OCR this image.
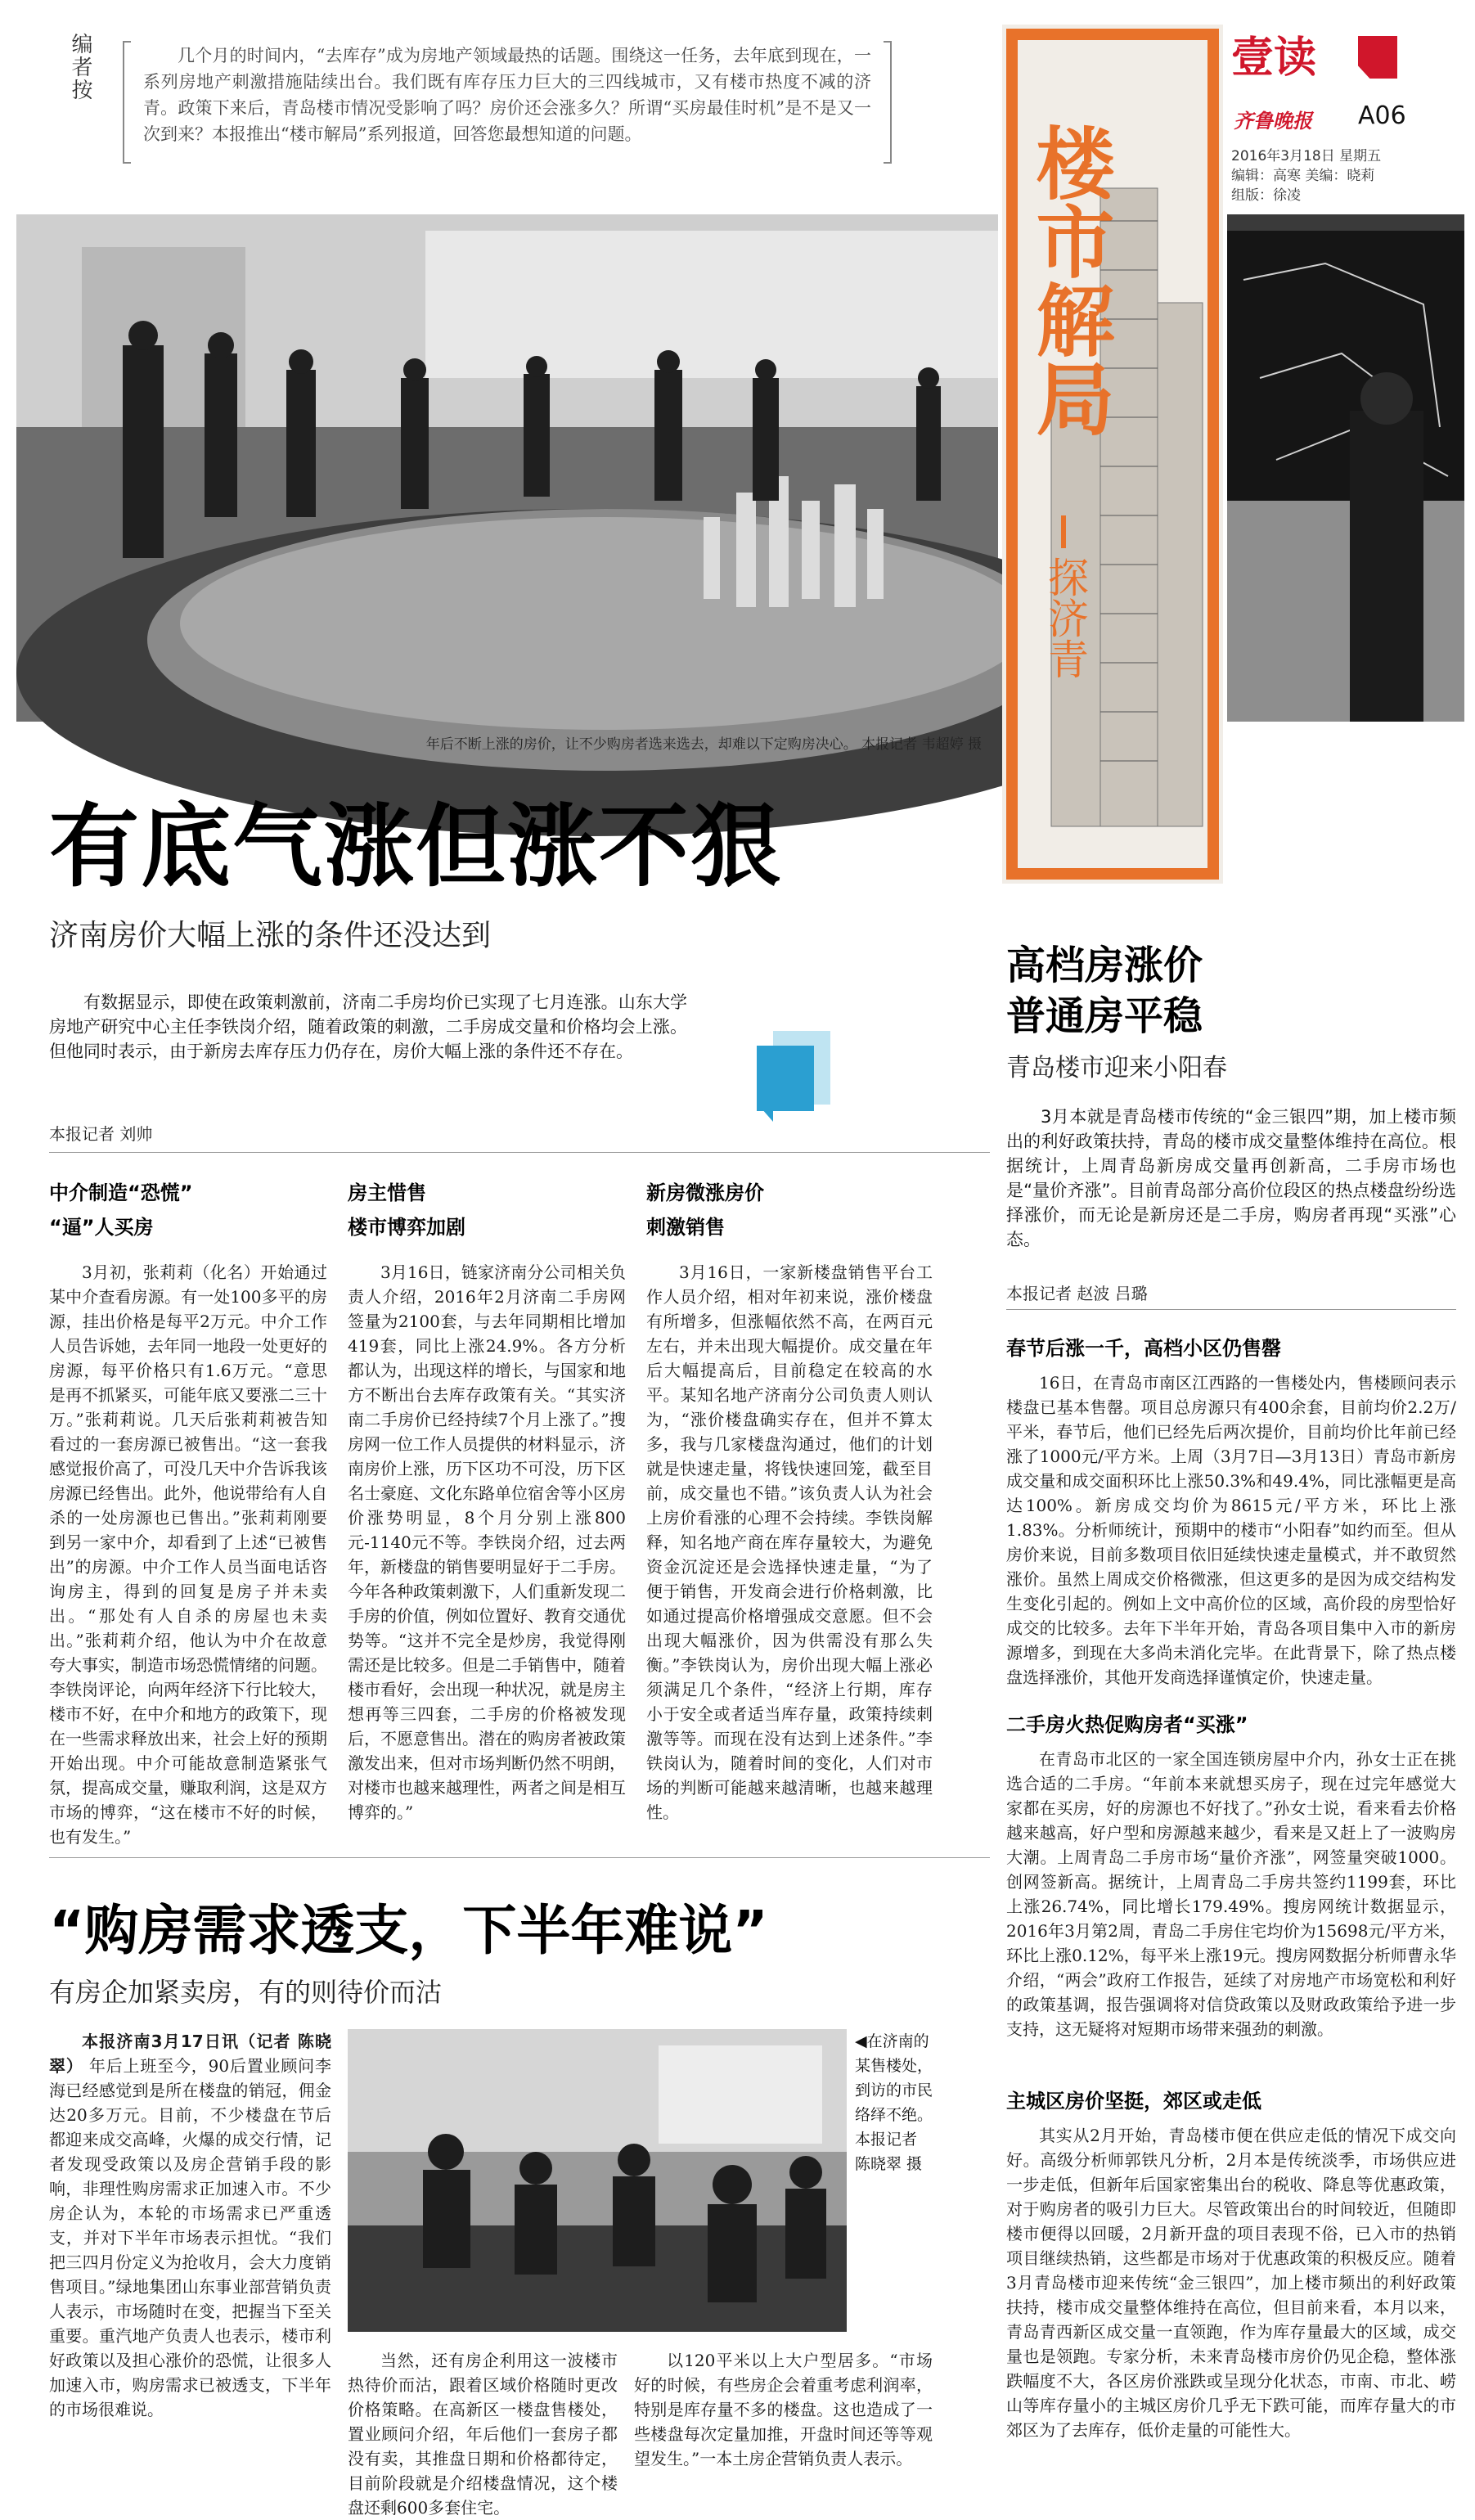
编者按	几个月的时间内，“去库存”成为房地产领域最热的话题。围绕这一任务，去年底到现在，一系列房地产刺激措施陆续出台。我们既有库存压力巨大的三四线城市，又有楼市热度不减的济青。政策下来后，青岛楼市情况受影响了吗？房价还会涨多久？所谓“买房最佳时机”是不是又一次到来？本报推出“楼市解局”系列报道，回答您最想知道的问题。
年后不断上涨的房价，让不少购房者选来选去，却难以下定购房决心。 本报记者 韦超婷 摄
壹读
齐鲁晚报 A06
2016年3月18日 星期五
编辑：高寒 美编：晓莉
组版：徐凌
楼市解局
探济青
有底气涨但涨不狠
济南房价大幅上涨的条件还没达到
有数据显示，即使在政策刺激前，济南二手房均价已实现了七月连涨。山东大学房地产研究中心主任李铁岗介绍，随着政策的刺激，二手房成交量和价格均会上涨。但他同时表示，由于新房去库存压力仍存在，房价大幅上涨的条件还不存在。
本报记者 刘帅
中介制造“恐慌”
“逼”人买房
3月初，张莉莉（化名）开始通过某中介查看房源。有一处100多平的房源，挂出价格是每平2万元。中介工作人员告诉她，去年同一地段一处更好的房源，每平价格只有1.6万元。“意思是再不抓紧买，可能年底又要涨二三十万。”张莉莉说。几天后张莉莉被告知看过的一套房源已被售出。“这一套我感觉报价高了，可没几天中介告诉我该房源已经售出。此外，他说带给有人自杀的一处房源也已售出。”张莉莉刚要到另一家中介，却看到了上述“已被售出”的房源。中介工作人员当面电话咨询房主，得到的回复是房子并未卖出。“那处有人自杀的房屋也未卖出。”张莉莉介绍，他认为中介在故意夸大事实，制造市场恐慌情绪的问题。李铁岗评论，向两年经济下行比较大，楼市不好，在中介和地方的政策下，现在一些需求释放出来，社会上好的预期开始出现。中介可能故意制造紧张气氛，提高成交量，赚取利润，这是双方市场的博弈，“这在楼市不好的时候，也有发生。”
房主惜售
楼市博弈加剧
3月16日，链家济南分公司相关负责人介绍，2016年2月济南二手房网签量为2100套，与去年同期相比增加419套，同比上涨24.9%。各方分析都认为，出现这样的增长，与国家和地方不断出台去库存政策有关。“其实济南二手房价已经持续7个月上涨了。”搜房网一位工作人员提供的材料显示，济南房价上涨，历下区功不可没，历下区名士豪庭、文化东路单位宿舍等小区房价涨势明显，8个月分别上涨800元-1140元不等。李铁岗介绍，过去两年，新楼盘的销售要明显好于二手房。今年各种政策刺激下，人们重新发现二手房的价值，例如位置好、教育交通优势等。“这并不完全是炒房，我觉得刚需还是比较多。但是二手销售中，随着楼市看好，会出现一种状况，就是房主想再等三四套，二手房的价格被发现后，不愿意售出。潜在的购房者被政策激发出来，但对市场判断仍然不明朗，对楼市也越来越理性，两者之间是相互博弈的。”
新房微涨房价
刺激销售
3月16日，一家新楼盘销售平台工作人员介绍，相对年初来说，涨价楼盘有所增多，但涨幅依然不高，在两百元左右，并未出现大幅提价。成交量在年后大幅提高后，目前稳定在较高的水平。某知名地产济南分公司负责人则认为，“涨价楼盘确实存在，但并不算太多，我与几家楼盘沟通过，他们的计划就是快速走量，将钱快速回笼，截至目前，成交量也不错。”该负责人认为社会上房价看涨的心理不会持续。李铁岗解释，知名地产商在库存量较大，为避免资金沉淀还是会选择快速走量，“为了便于销售，开发商会进行价格刺激，比如通过提高价格增强成交意愿。但不会出现大幅涨价，因为供需没有那么失衡。”李铁岗认为，房价出现大幅上涨必须满足几个条件，“经济上行期，库存小于安全或者适当库存量，政策持续刺激等等。而现在没有达到上述条件。”李铁岗认为，随着时间的变化，人们对市场的判断可能越来越清晰，也越来越理性。
“购房需求透支，下半年难说”
有房企加紧卖房，有的则待价而沽
本报济南3月17日讯（记者 陈晓翠） 年后上班至今，90后置业顾问李海已经感觉到是所在楼盘的销冠，佣金达20多万元。目前，不少楼盘在节后都迎来成交高峰，火爆的成交行情，记者发现受政策以及房企营销手段的影响，非理性购房需求正加速入市。不少房企认为，本轮的市场需求已严重透支，并对下半年市场表示担忧。“我们把三四月份定义为抢收月，会大力度销售项目。”绿地集团山东事业部营销负责人表示，市场随时在变，把握当下至关重要。重汽地产负责人也表示，楼市利好政策以及担心涨价的恐慌，让很多人加速入市，购房需求已被透支，下半年的市场很难说。
◀在济南的某售楼处，到访的市民络绎不绝。本报记者 陈晓翠 摄
当然，还有房企利用这一波楼市热待价而沽，跟着区域价格随时更改价格策略。在高新区一楼盘售楼处，置业顾问介绍，年后他们一套房子都没有卖，其推盘日期和价格都待定，目前阶段就是介绍楼盘情况，这个楼盘还剩600多套住宅。
以120平米以上大户型居多。“市场好的时候，有些房企会着重考虑利润率，特别是库存量不多的楼盘。这也造成了一些楼盘每次定量加推，开盘时间还等等观望发生。”一本土房企营销负责人表示。
高档房涨价
普通房平稳
青岛楼市迎来小阳春
3月本就是青岛楼市传统的“金三银四”期，加上楼市频出的利好政策扶持，青岛的楼市成交量整体维持在高位。根据统计，上周青岛新房成交量再创新高，二手房市场也是“量价齐涨”。目前青岛部分高价位段区的热点楼盘纷纷选择涨价，而无论是新房还是二手房，购房者再现“买涨”心态。
本报记者 赵波 吕璐
春节后涨一千，高档小区仍售罄
16日，在青岛市南区江西路的一售楼处内，售楼顾问表示楼盘已基本售罄。项目总房源只有400余套，目前均价2.2万/平米，春节后，他们已经先后两次提价，目前均价比年前已经涨了1000元/平方米。上周（3月7日—3月13日）青岛市新房成交量和成交面积环比上涨50.3%和49.4%，同比涨幅更是高达100%。新房成交均价为8615元/平方米，环比上涨1.83%。分析师统计，预期中的楼市“小阳春”如约而至。但从房价来说，目前多数项目依旧延续快速走量模式，并不敢贸然涨价。虽然上周成交价格微涨，但这更多的是因为成交结构发生变化引起的。例如上文中高价位的区域，高价段的房型恰好成交的比较多。去年下半年开始，青岛各项目集中入市的新房源增多，到现在大多尚未消化完毕。在此背景下，除了热点楼盘选择涨价，其他开发商选择谨慎定价，快速走量。
二手房火热促购房者“买涨”
在青岛市北区的一家全国连锁房屋中介内，孙女士正在挑选合适的二手房。“年前本来就想买房子，现在过完年感觉大家都在买房，好的房源也不好找了。”孙女士说，看来看去价格越来越高，好户型和房源越来越少，看来是又赶上了一波购房大潮。上周青岛二手房市场“量价齐涨”，网签量突破1000。创网签新高。据统计，上周青岛二手房共签约1199套，环比上涨26.74%，同比增长179.49%。搜房网统计数据显示，2016年3月第2周，青岛二手房住宅均价为15698元/平方米，环比上涨0.12%，每平米上涨19元。搜房网数据分析师曹永华介绍，“两会”政府工作报告，延续了对房地产市场宽松和利好的政策基调，报告强调将对信贷政策以及财政政策给予进一步支持，这无疑将对短期市场带来强劲的刺激。
主城区房价坚挺，郊区或走低
其实从2月开始，青岛楼市便在供应走低的情况下成交向好。高级分析师郭铁凡分析，2月本是传统淡季，市场供应进一步走低，但新年后国家密集出台的税收、降息等优惠政策，对于购房者的吸引力巨大。尽管政策出台的时间较近，但随即楼市便得以回暖，2月新开盘的项目表现不俗，已入市的热销项目继续热销，这些都是市场对于优惠政策的积极反应。随着3月青岛楼市迎来传统“金三银四”，加上楼市频出的利好政策扶持，楼市成交量整体维持在高位，但目前来看，本月以来，青岛青西新区成交量一直领跑，作为库存量最大的区域，成交量也是领跑。专家分析，未来青岛楼市房价仍见企稳，整体涨跌幅度不大，各区房价涨跌或呈现分化状态，市南、市北、崂山等库存量小的主城区房价几乎无下跌可能，而库存量大的市郊区为了去库存，低价走量的可能性大。
